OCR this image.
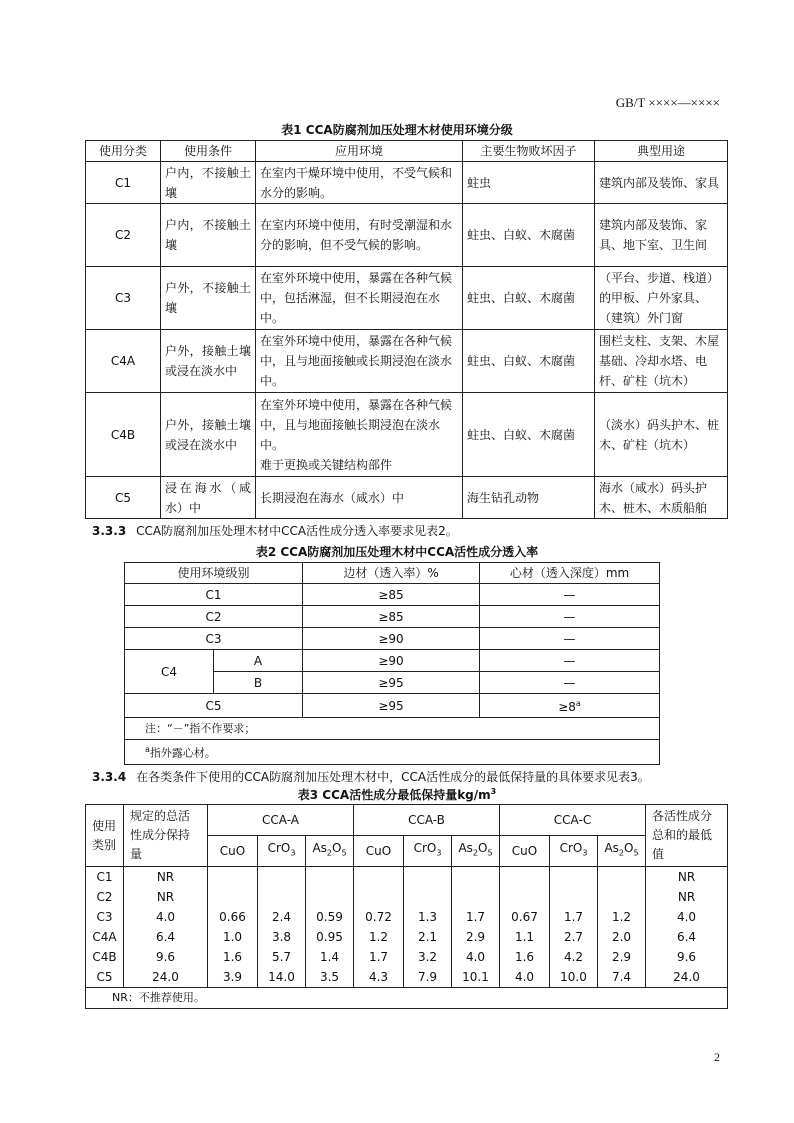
GB/T ××××—××××
表1 CCA防腐剂加压处理木材使用环境分级
使用分类	使用条件	应用环境	主要生物败坏因子	典型用途
C1	户内，不接触土壤	在室内干燥环境中使用，不受气候和水分的影响。	蛀虫	建筑内部及装饰、家具
C2	户内，不接触土壤	在室内环境中使用，有时受潮湿和水分的影响，但不受气候的影响。	蛀虫、白蚁、木腐菌	建筑内部及装饰、家具、地下室、卫生间
C3	户外，不接触土壤	在室外环境中使用，暴露在各种气候中，包括淋湿，但不长期浸泡在水中。	蛀虫、白蚁、木腐菌	（平台、步道、栈道）的甲板、户外家具、（建筑）外门窗
C4A	户外，接触土壤或浸在淡水中	在室外环境中使用，暴露在各种气候中，且与地面接触或长期浸泡在淡水中。	蛀虫、白蚁、木腐菌	围栏支柱、支架、木屋基础、冷却水塔、电杆、矿柱（坑木）
C4B	户外，接触土壤或浸在淡水中	在室外环境中使用，暴露在各种气候中，且与地面接触长期浸泡在淡水中。
难于更换或关键结构部件	蛀虫、白蚁、木腐菌	（淡水）码头护木、桩木、矿柱（坑木）
C5	浸在海水（咸水）中	长期浸泡在海水（咸水）中	海生钻孔动物	海水（咸水）码头护木、桩木、木质船舶
3.3.3 CCA防腐剂加压处理木材中CCA活性成分透入率要求见表2。
表2 CCA防腐剂加压处理木材中CCA活性成分透入率
使用环境级别		边材（透入率）%	心材（透入深度）mm
C1		≥85	—
C2		≥85	—
C3		≥90	—
C4	A	≥90	—
	B	≥95	—
C5		≥95	$\ge 8^a$
注：“－”指不作要求；			
$^a$指外露心材。			
3.3.4 在各类条件下使用的CCA防腐剂加压处理木材中，CCA活性成分的最低保持量的具体要求见表3。
表3 CCA活性成分最低保持量$kg/m^3$
使用类别	规定的总活性成分保持量	CCA-A			CCA-B			CCA-C			各活性成分总和的最低值
		CuO	CrO$_3$	$As_2O_5$	CuO	CrO$_3$	$As_2O_5$	CuO	CrO$_3$	$As_2O_5$
C1	NR										NR
C2	NR										NR
C3	4.0	0.66	2.4	0.59	0.72	1.3	1.7	0.67	1.7	1.2	4.0
C4A	6.4	1.0	3.8	0.95	1.2	2.1	2.9	1.1	2.7	2.0	6.4
C4B	9.6	1.6	5.7	1.4	1.7	3.2	4.0	1.6	4.2	2.9	9.6
C5	24.0	3.9	14.0	3.5	4.3	7.9	10.1	4.0	10.0	7.4	24.0
NR：不推荐使用。											
2
